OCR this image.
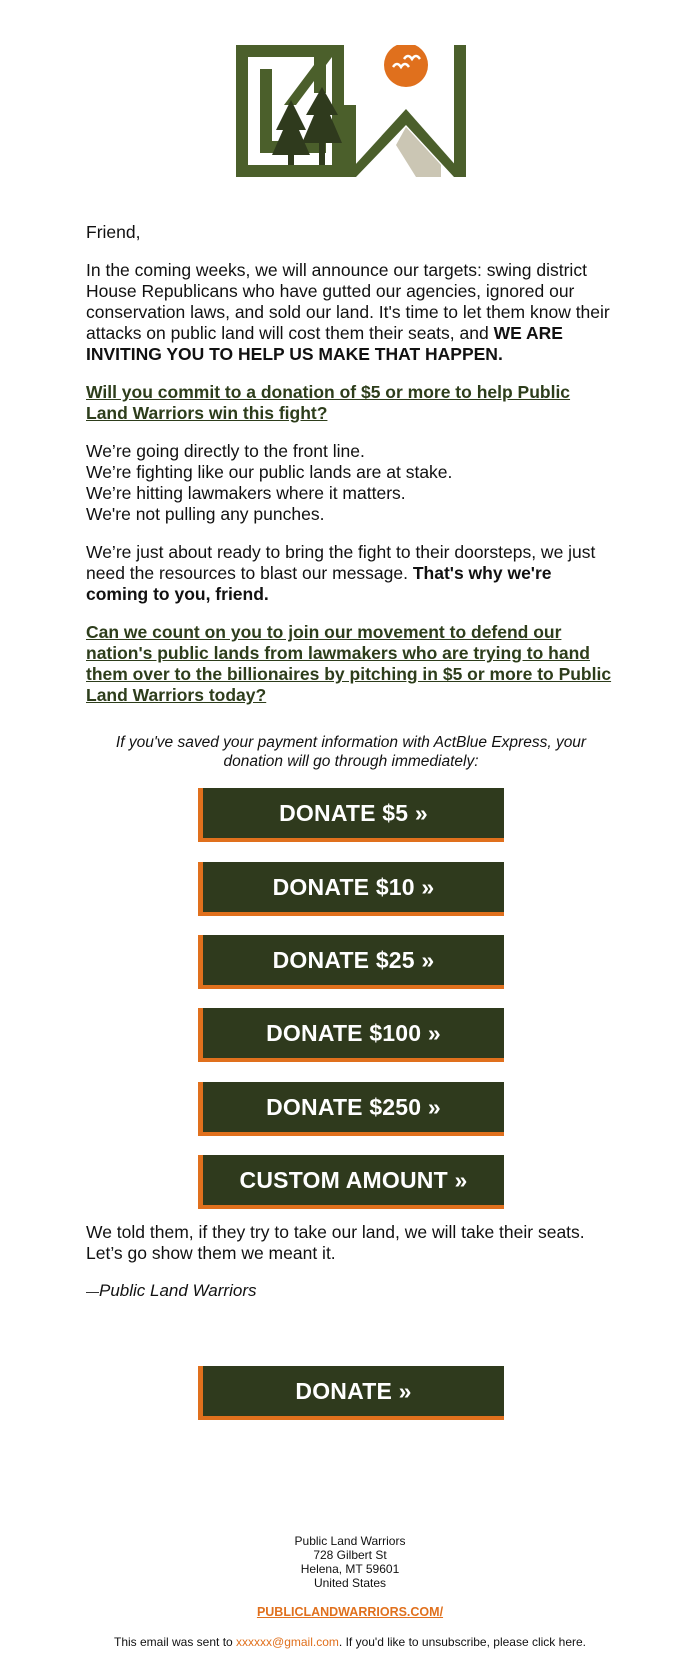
Friend,

In the coming weeks, we will announce our targets: swing district House Republicans who have gutted our agencies, ignored our conservation laws, and sold our land. It's time to let them know their attacks on public land will cost them their seats, and WE ARE INVITING YOU TO HELP US MAKE THAT HAPPEN.

Will you commit to a donation of $5 or more to help Public Land Warriors win this fight?

We’re going directly to the front line.
We’re fighting like our public lands are at stake.
We’re hitting lawmakers where it matters.
We're not pulling any punches.

We’re just about ready to bring the fight to their doorsteps, we just need the resources to blast our message. That's why we're coming to you, friend.

Can we count on you to join our movement to defend our nation's public lands from lawmakers who are trying to hand them over to the billionaires by pitching in $5 or more to Public Land Warriors today?

If you've saved your payment information with ActBlue Express, your donation will go through immediately:
DONATE $5 »
DONATE $10 »
DONATE $25 »
DONATE $100 »
DONATE $250 »
CUSTOM AMOUNT »

We told them, if they try to take our land, we will take their seats. Let’s go show them we meant it.

—Public Land Warriors

DONATE »
Public Land Warriors
728 Gilbert St
Helena, MT 59601
United States
PUBLICLANDWARRIORS.COM/
This email was sent to xxxxxx@gmail.com. If you'd like to unsubscribe, please click here.
